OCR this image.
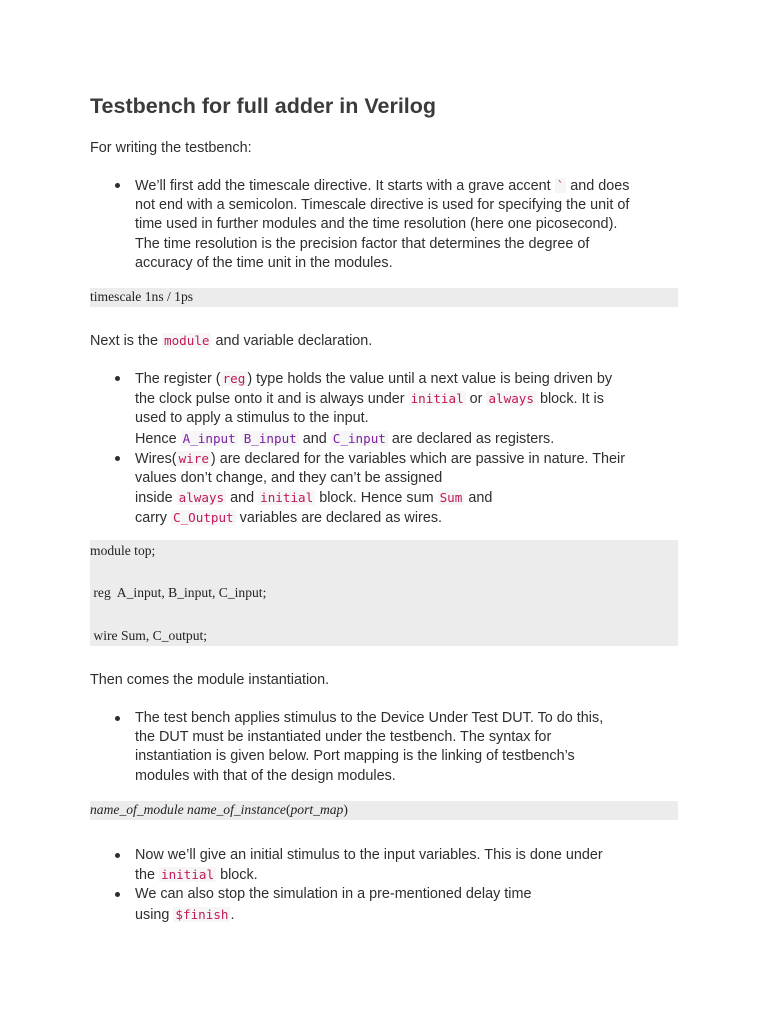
Testbench for full adder in Verilog

For writing the testbench:

We’ll first add the timescale directive. It starts with a grave accent ` and does
not end with a semicolon. Timescale directive is used for specifying the unit of
time used in further modules and the time resolution (here one picosecond).
The time resolution is the precision factor that determines the degree of
accuracy of the time unit in the modules.
timescale 1ns / 1ps

Next is the module and variable declaration.

The register ( reg ) type holds the value until a next value is being driven by
the clock pulse onto it and is always under initial or always block. It is
used to apply a stimulus to the input.
Hence A_input B_input and C_input are declared as registers.
Wires( wire ) are declared for the variables which are passive in nature. Their
values don’t change, and they can’t be assigned
inside always and initial block. Hence sum Sum and
carry C_Output variables are declared as wires.
module top;
reg  A_input, B_input, C_input;
wire Sum, C_output;

Then comes the module instantiation.

The test bench applies stimulus to the Device Under Test DUT. To do this,
the DUT must be instantiated under the testbench. The syntax for
instantiation is given below. Port mapping is the linking of testbench’s
modules with that of the design modules.
name_of_module name_of_instance(port_map)
Now we’ll give an initial stimulus to the input variables. This is done under
the initial block.
We can also stop the simulation in a pre-mentioned delay time
using $finish .
